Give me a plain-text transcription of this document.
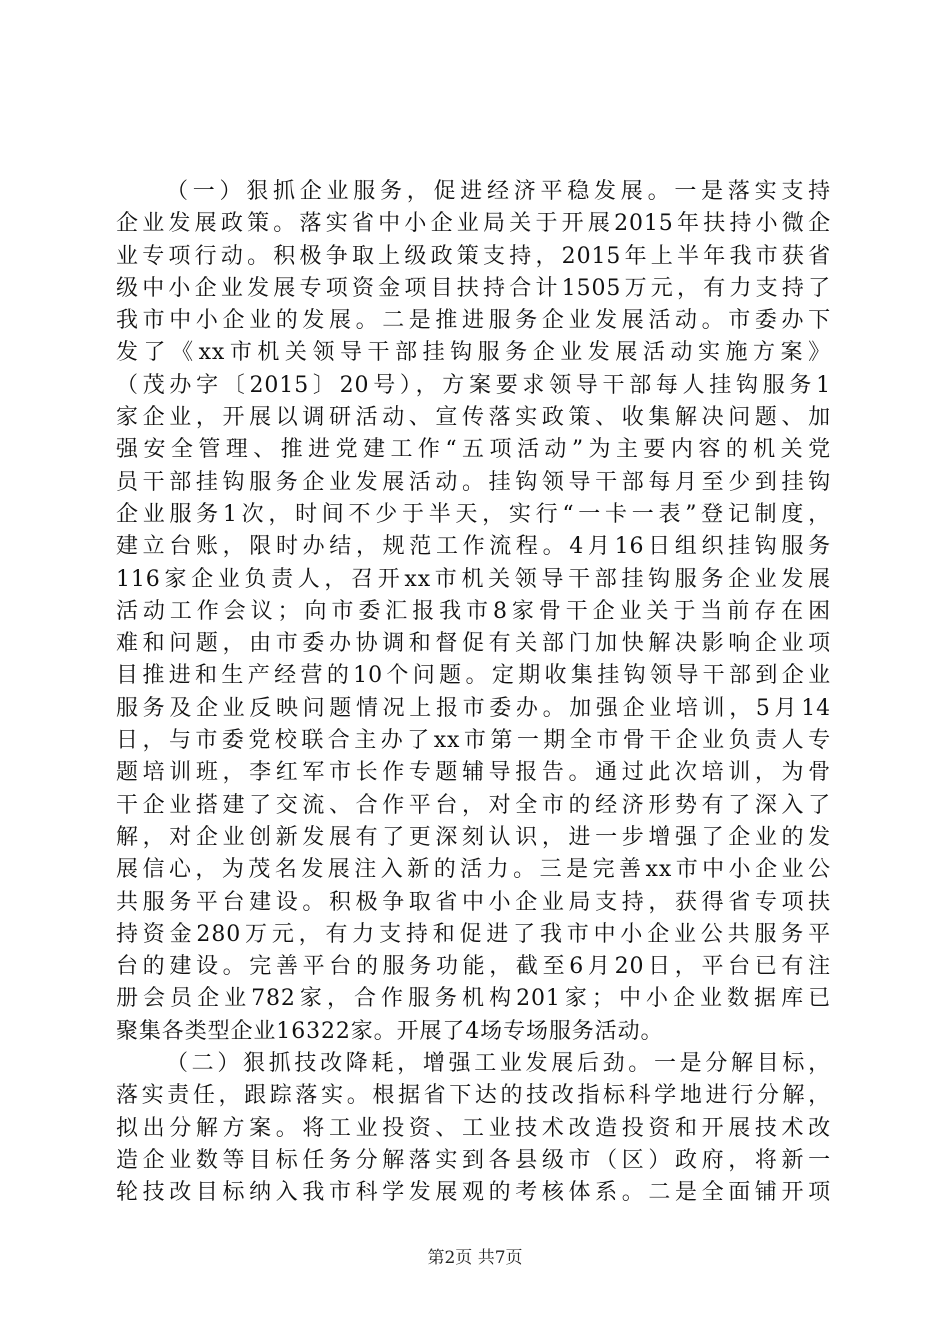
（一）狠抓企业服务，促进经济平稳发展。一是落实支持
企业发展政策。落实省中小企业局关于开展2015年扶持小微企
业专项行动。积极争取上级政策支持，2015年上半年我市获省
级中小企业发展专项资金项目扶持合计1505万元，有力支持了
我市中小企业的发展。二是推进服务企业发展活动。市委办下
发了《xx市机关领导干部挂钩服务企业发展活动实施方案》
（茂办字〔2015〕20号），方案要求领导干部每人挂钩服务1
家企业，开展以调研活动、宣传落实政策、收集解决问题、加
强安全管理、推进党建工作“五项活动”为主要内容的机关党
员干部挂钩服务企业发展活动。挂钩领导干部每月至少到挂钩
企业服务1次，时间不少于半天，实行“一卡一表”登记制度，
建立台账，限时办结，规范工作流程。4月16日组织挂钩服务
116家企业负责人，召开xx市机关领导干部挂钩服务企业发展
活动工作会议；向市委汇报我市8家骨干企业关于当前存在困
难和问题，由市委办协调和督促有关部门加快解决影响企业项
目推进和生产经营的10个问题。定期收集挂钩领导干部到企业
服务及企业反映问题情况上报市委办。加强企业培训，5月14
日，与市委党校联合主办了xx市第一期全市骨干企业负责人专
题培训班，李红军市长作专题辅导报告。通过此次培训，为骨
干企业搭建了交流、合作平台，对全市的经济形势有了深入了
解，对企业创新发展有了更深刻认识，进一步增强了企业的发
展信心，为茂名发展注入新的活力。三是完善xx市中小企业公
共服务平台建设。积极争取省中小企业局支持，获得省专项扶
持资金280万元，有力支持和促进了我市中小企业公共服务平
台的建设。完善平台的服务功能，截至6月20日，平台已有注
册会员企业782家，合作服务机构201家；中小企业数据库已
聚集各类型企业16322家。开展了4场专场服务活动。
（二）狠抓技改降耗，增强工业发展后劲。一是分解目标，
落实责任，跟踪落实。根据省下达的技改指标科学地进行分解，
拟出分解方案。将工业投资、工业技术改造投资和开展技术改
造企业数等目标任务分解落实到各县级市（区）政府，将新一
轮技改目标纳入我市科学发展观的考核体系。二是全面铺开项
第2页 共7页
